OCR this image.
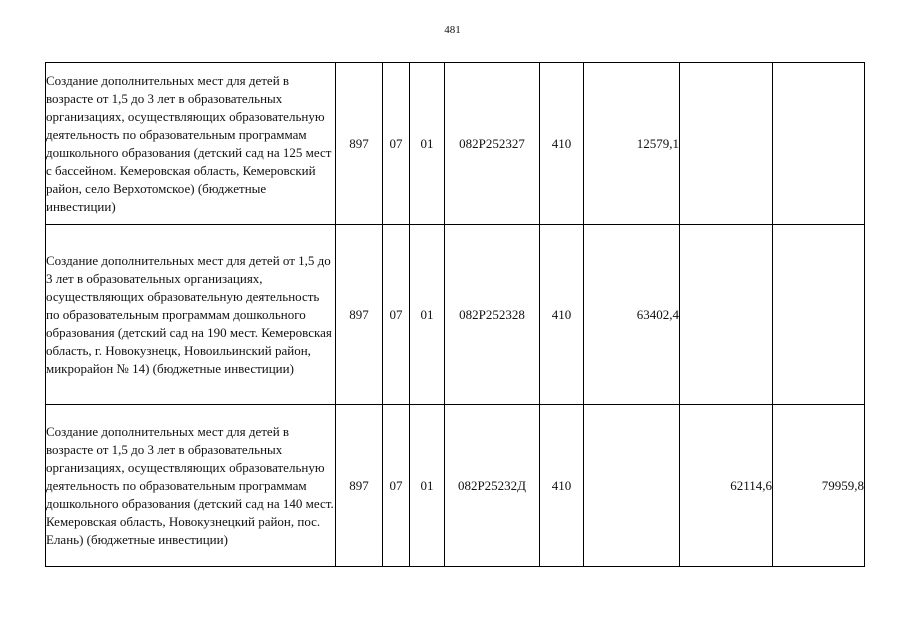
481
Создание дополнительных мест для детей в возрасте от 1,5 до 3 лет в образовательных организациях, осуществляющих образовательную деятельность по образовательным программам дошкольного образования (детский сад на 125 мест с бассейном. Кемеровская область, Кемеровский район, село Верхотомское) (бюджетные инвестиции)	897	07	01	082P252327	410	12579,1		

Создание дополнительных мест для детей от 1,5 до 3 лет в образовательных организациях, осуществляющих образовательную деятельность по образовательным программам дошкольного образования (детский сад на 190 мест. Кемеровская область, г. Новокузнецк, Новоильинский район, микрорайон № 14) (бюджетные инвестиции)	897	07	01	082P252328	410	63402,4		

Создание дополнительных мест для детей в возрасте от 1,5 до 3 лет в образовательных организациях, осуществляющих образовательную деятельность по образовательным программам дошкольного образования (детский сад на 140 мест. Кемеровская область, Новокузнецкий район, пос. Елань) (бюджетные инвестиции)	897	07	01	082P25232Д	410		62114,6	79959,8
